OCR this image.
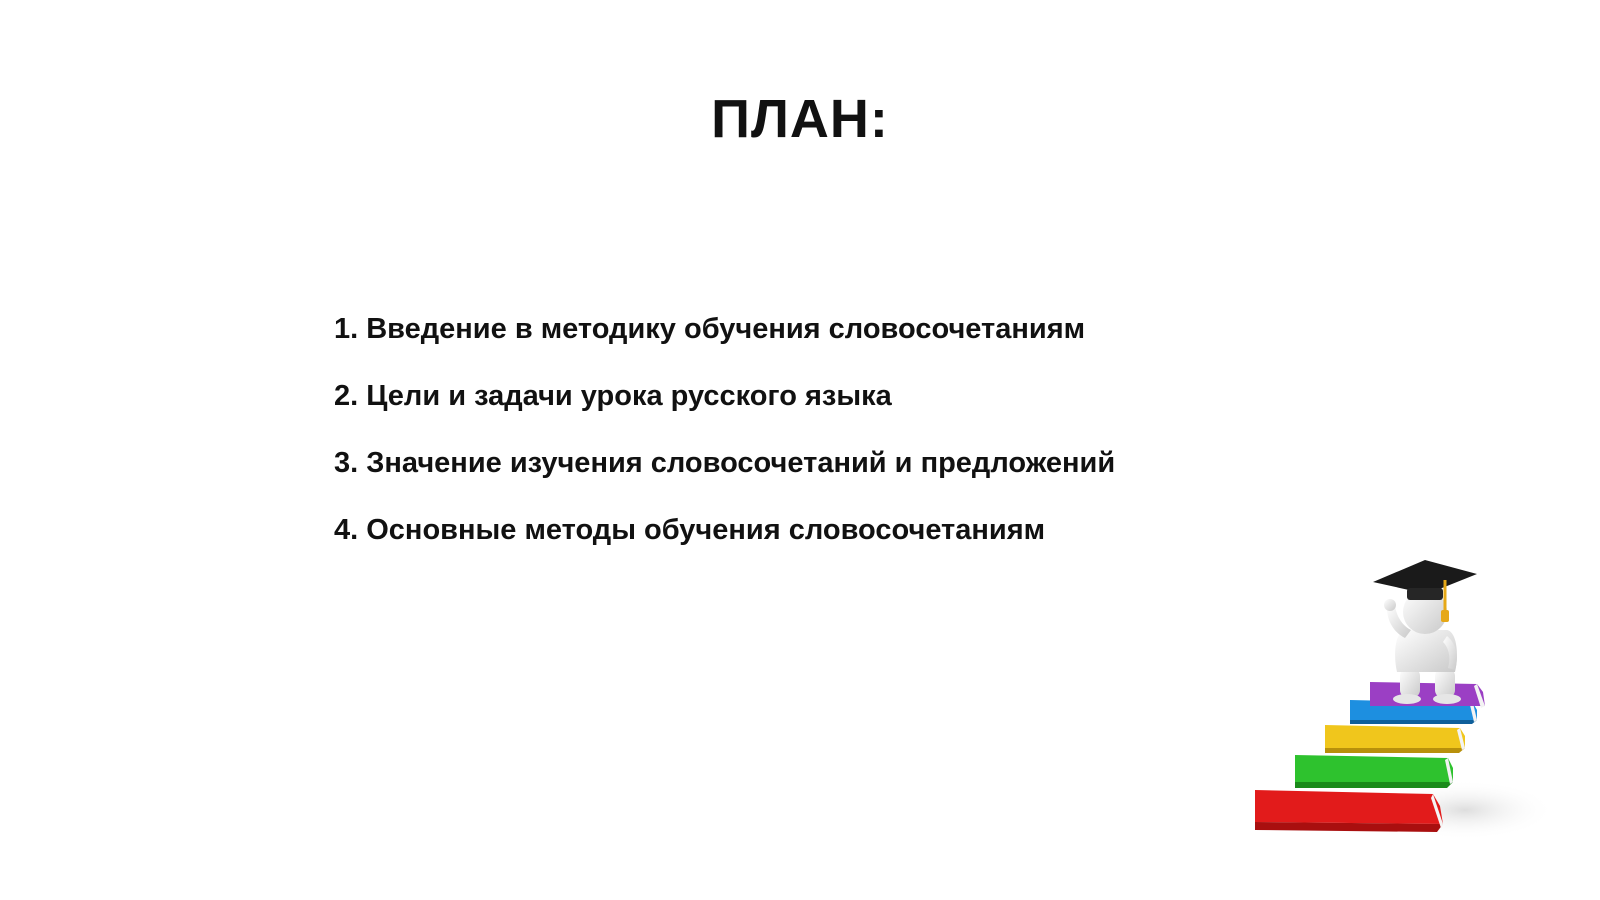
ПЛАН:
1. Введение в методику обучения словосочетаниям
2. Цели и задачи урока русского языка
3. Значение изучения словосочетаний и предложений
4. Основные методы обучения словосочетаниям
